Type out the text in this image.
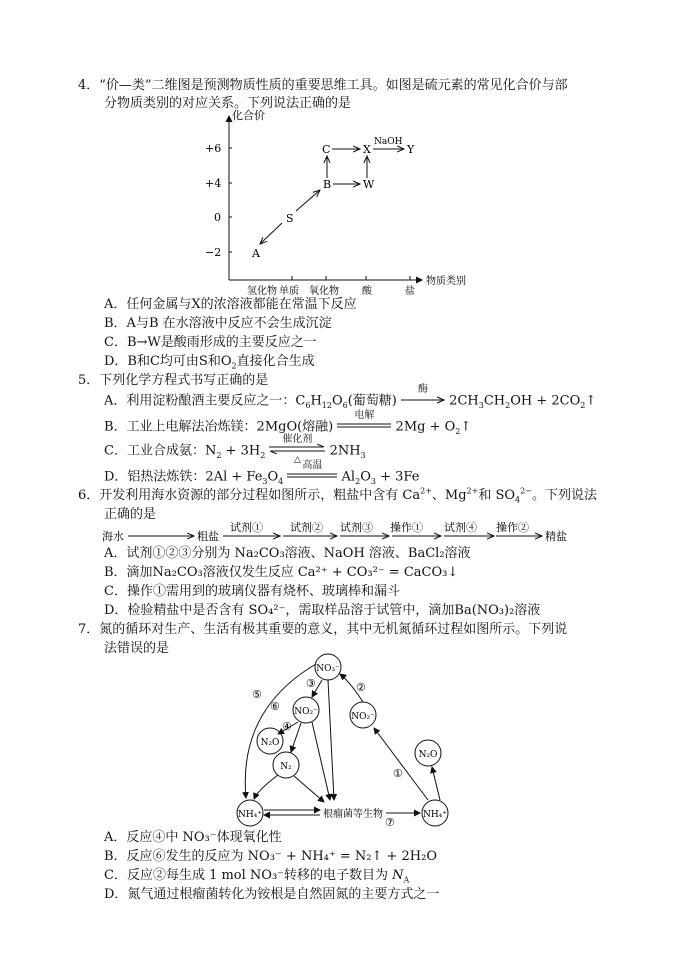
4．“价—类”二维图是预测物质性质的重要思维工具。如图是硫元素的常见化合价与部
分物质类别的对应关系。下列说法正确的是
化合价
物质类别
+6
+4
0
−2
氢化物 单质 氧化物 酸	盐
C	X	Y
B	W
S
A
NaOH
A．任何金属与X的浓溶液都能在常温下反应
B．A与B 在水溶液中反应不会生成沉淀
C．B→W是酸雨形成的主要反应之一
D．B和C均可由S和$O_2$直接化合生成
5．下列化学方程式书写正确的是
A．利用淀粉酿酒主要反应之一：$C_6H_{12}O_6$(葡萄糖)
酶
$2CH_3CH_2OH$ + $2CO_2↑$
B．工业上电解法冶炼镁：2MgO(熔融)
电解
$2Mg + O_2↑$
C．工业合成氨：$N_2 + 3H_2$
催化剂
△
$2NH_3$
D．铝热法炼铁：$2Al + Fe_3O_4$
高温
$Al_2O_3 + 3Fe$
6．开发利用海水资源的部分过程如图所示，粗盐中含有 $Ca^{2+}$、$Mg^{2+}$和 $SO_4^{2-}$。下列说法
正确的是
海水	粗盐
试剂① 试剂② 试剂③ 操作① 试剂④ 操作②
精盐
A．试剂①②③分别为 Na₂CO₃溶液、NaOH 溶液、BaCl₂溶液
B．滴加Na₂CO₃溶液仅发生反应 Ca²⁺ + CO₃²⁻ = CaCO₃↓
C．操作①需用到的玻璃仪器有烧杯、玻璃棒和漏斗
D．检验精盐中是否含有 SO₄²⁻，需取样品溶于试管中，滴加Ba(NO₃)₂溶液
7．氮的循环对生产、生活有极其重要的意义，其中无机氮循环过程如图所示。下列说
法错误的是
NO₃⁻
NO₂⁻	NO₂⁻
N₂O
N₂
NH₄⁺	NH₄⁺
N₂O
根瘤菌等生物
①
②
③
④
⑤
⑥
⑦
A．反应④中 NO₃⁻体现氧化性
B．反应⑥发生的反应为 NO₃⁻ + NH₄⁺ = N₂↑ + 2H₂O
C．反应②每生成 1 mol NO₃⁻转移的电子数目为 $N_A$
D．氮气通过根瘤菌转化为铵根是自然固氮的主要方式之一
